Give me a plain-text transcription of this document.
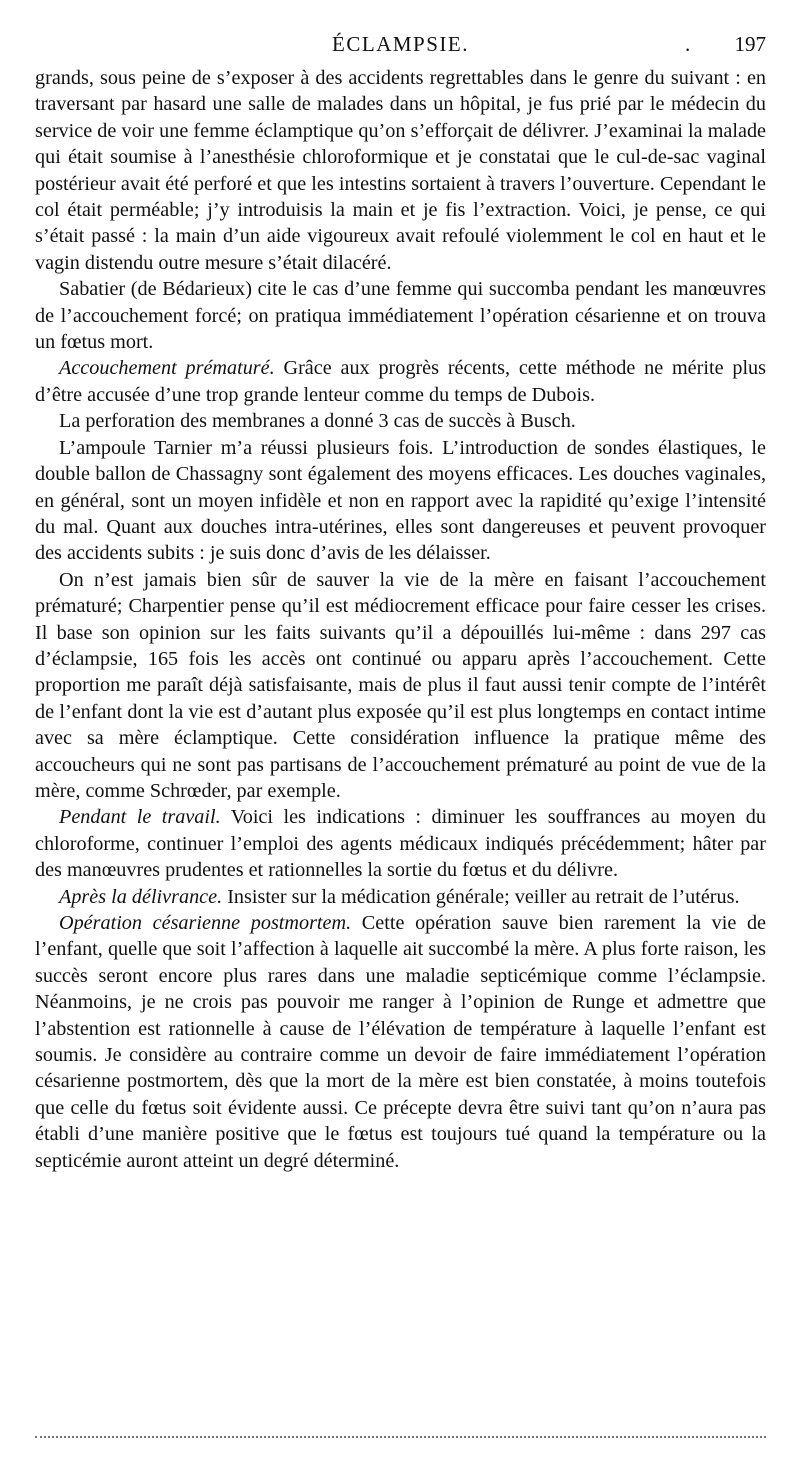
ÉCLAMPSIE.	. 197

grands, sous peine de s’exposer à des accidents regrettables dans le genre du suivant : en traversant par hasard une salle de malades dans un hôpital, je fus prié par le médecin du service de voir une femme éclamptique qu’on s’efforçait de délivrer. J’examinai la malade qui était soumise à l’anesthésie chloroformique et je constatai que le cul-de-sac vaginal postérieur avait été perforé et que les intestins sortaient à travers l’ouverture. Cependant le col était perméable; j’y introduisis la main et je fis l’extraction. Voici, je pense, ce qui s’était passé : la main d’un aide vigoureux avait refoulé violemment le col en haut et le vagin distendu outre mesure s’était dilacéré.

Sabatier (de Bédarieux) cite le cas d’une femme qui succomba pendant les manœuvres de l’accouchement forcé; on pratiqua immédiatement l’opération césarienne et on trouva un fœtus mort.

Accouchement prématuré. Grâce aux progrès récents, cette méthode ne mérite plus d’être accusée d’une trop grande lenteur comme du temps de Dubois.

La perforation des membranes a donné 3 cas de succès à Busch.

L’ampoule Tarnier m’a réussi plusieurs fois. L’introduction de sondes élastiques, le double ballon de Chassagny sont également des moyens efficaces. Les douches vaginales, en général, sont un moyen infidèle et non en rapport avec la rapidité qu’exige l’intensité du mal. Quant aux douches intra-utérines, elles sont dangereuses et peuvent provoquer des accidents subits : je suis donc d’avis de les délaisser.

On n’est jamais bien sûr de sauver la vie de la mère en faisant l’accouchement prématuré; Charpentier pense qu’il est médiocrement efficace pour faire cesser les crises. Il base son opinion sur les faits suivants qu’il a dépouillés lui-même : dans 297 cas d’éclampsie, 165 fois les accès ont continué ou apparu après l’accouchement. Cette proportion me paraît déjà satisfaisante, mais de plus il faut aussi tenir compte de l’intérêt de l’enfant dont la vie est d’autant plus exposée qu’il est plus longtemps en contact intime avec sa mère éclamptique. Cette considération influence la pratique même des accoucheurs qui ne sont pas partisans de l’accouchement prématuré au point de vue de la mère, comme Schrœder, par exemple.

Pendant le travail. Voici les indications : diminuer les souffrances au moyen du chloroforme, continuer l’emploi des agents médicaux indiqués précédemment; hâter par des manœuvres prudentes et rationnelles la sortie du fœtus et du délivre.

Après la délivrance. Insister sur la médication générale; veiller au retrait de l’utérus.

Opération césarienne postmortem. Cette opération sauve bien rarement la vie de l’enfant, quelle que soit l’affection à laquelle ait succombé la mère. A plus forte raison, les succès seront encore plus rares dans une maladie septicémique comme l’éclampsie. Néanmoins, je ne crois pas pouvoir me ranger à l’opinion de Runge et admettre que l’abstention est rationnelle à cause de l’élévation de température à laquelle l’enfant est soumis. Je considère au contraire comme un devoir de faire immédiatement l’opération césarienne postmortem, dès que la mort de la mère est bien constatée, à moins toutefois que celle du fœtus soit évidente aussi. Ce précepte devra être suivi tant qu’on n’aura pas établi d’une manière positive que le fœtus est toujours tué quand la température ou la septicémie auront atteint un degré déterminé.
